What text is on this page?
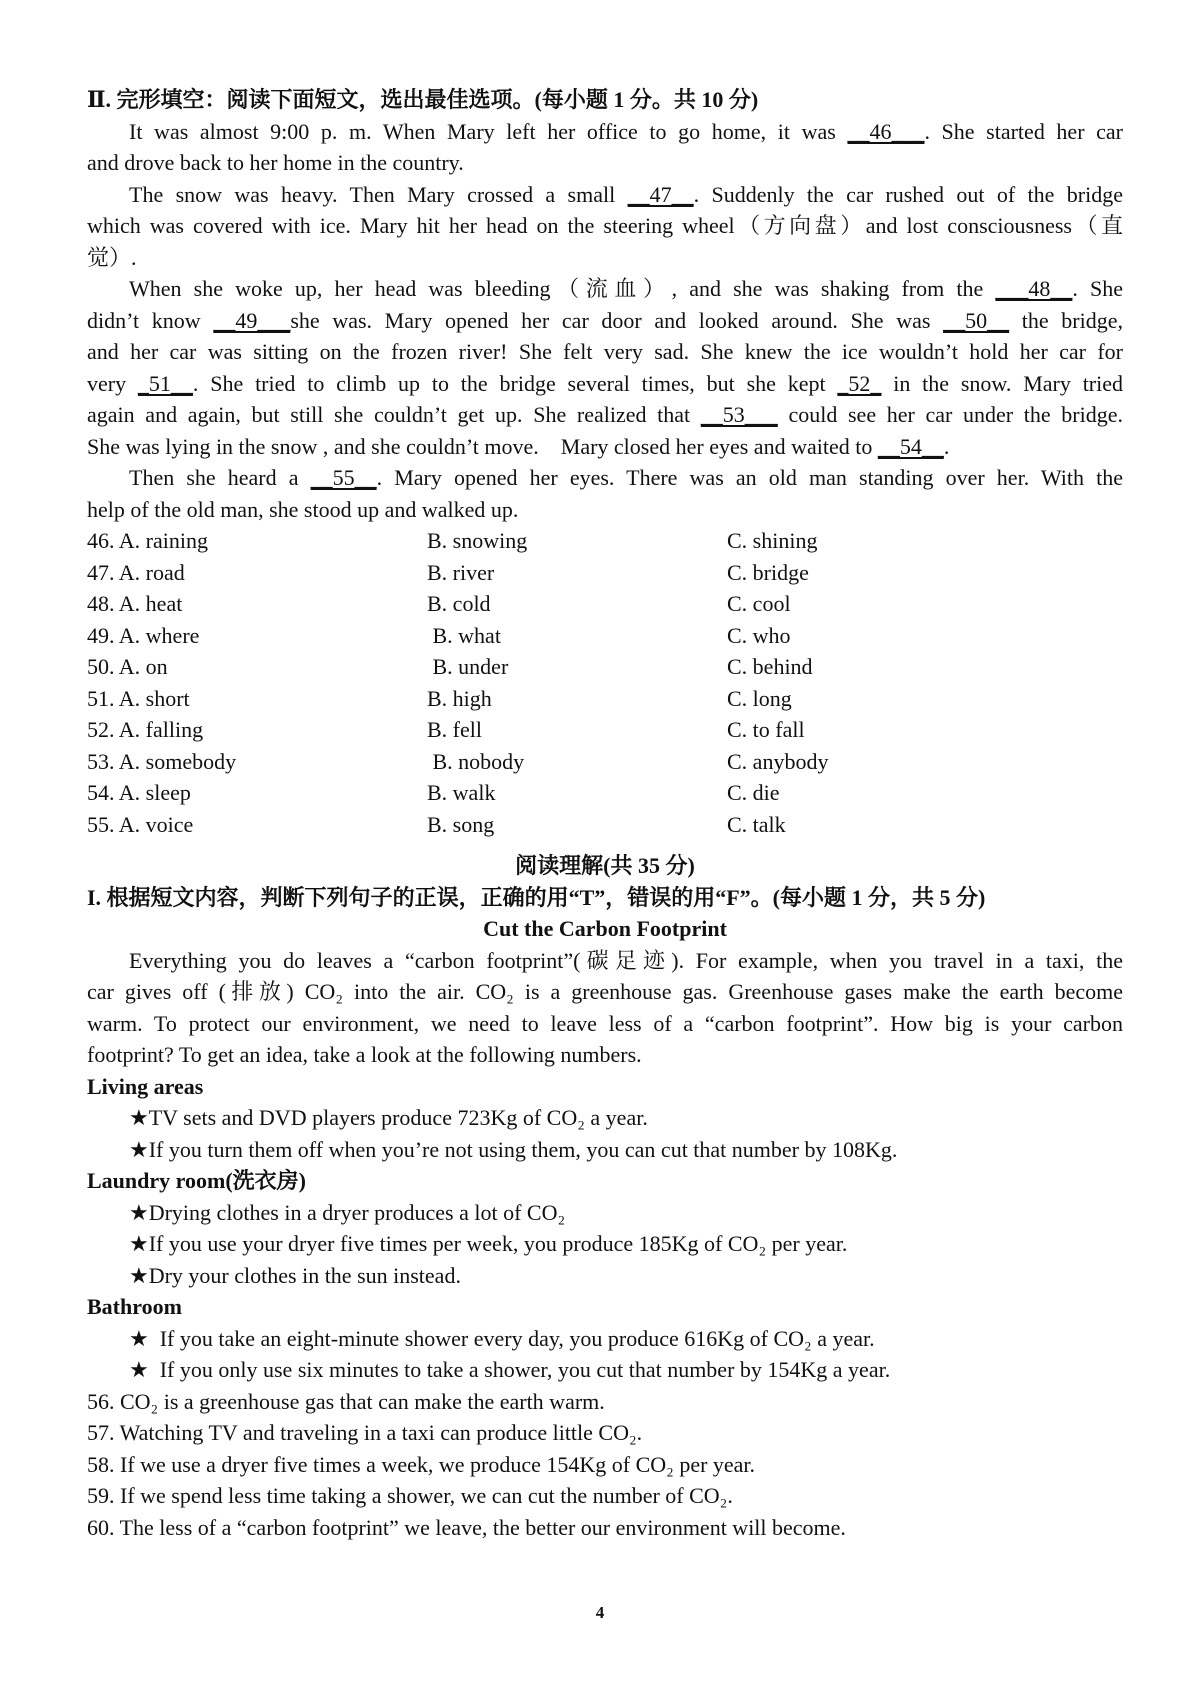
Ⅱ. 完形填空：阅读下面短文，选出最佳选项。(每小题 1 分。共 10 分)
It was almost 9:00 p. m. When Mary left her office to go home, it was __46___. She started her car
and drove back to her home in the country.
The snow was heavy. Then Mary crossed a small __47__. Suddenly the car rushed out of the bridge
which was covered with ice. Mary hit her head on the steering wheel（方向盘）and lost consciousness（直
觉）.
When she woke up, her head was bleeding（流血）, and she was shaking from the ___48__. She
didn’t know __49___she was. Mary opened her car door and looked around. She was __50__ the bridge,
and her car was sitting on the frozen river! She felt very sad. She knew the ice wouldn’t hold her car for
very _51__. She tried to climb up to the bridge several times, but she kept _52_ in the snow. Mary tried
again and again, but still she couldn’t get up. She realized that __53___ could see her car under the bridge.
She was lying in the snow , and she couldn’t move.    Mary closed her eyes and waited to __54__.
Then she heard a __55__. Mary opened her eyes. There was an old man standing over her. With the
help of the old man, she stood up and walked up.
46. A. raining	B. snowing	C. shining
47. A. road	B. river	C. bridge
48. A. heat	B. cold	C. cool
49. A. where	B. what	C. who
50. A. on	B. under	C. behind
51. A. short	B. high	C. long
52. A. falling	B. fell	C. to fall
53. A. somebody	B. nobody	C. anybody
54. A. sleep	B. walk	C. die
55. A. voice	B. song	C. talk
阅读理解(共 35 分)
I. 根据短文内容，判断下列句子的正误，正确的用“T”，错误的用“F”。(每小题 1 分，共 5 分)
Cut the Carbon Footprint
Everything you do leaves a “carbon footprint”(碳足迹). For example, when you travel in a taxi, the
car gives off (排放) CO₂ into the air. CO₂ is a greenhouse gas. Greenhouse gases make the earth become
warm. To protect our environment, we need to leave less of a “carbon footprint”. How big is your carbon
footprint? To get an idea, take a look at the following numbers.
Living areas
★TV sets and DVD players produce 723Kg of CO₂ a year.
★If you turn them off when you’re not using them, you can cut that number by 108Kg.
Laundry room(洗衣房)
★Drying clothes in a dryer produces a lot of CO₂
★If you use your dryer five times per week, you produce 185Kg of CO₂ per year.
★Dry your clothes in the sun instead.
Bathroom
★  If you take an eight-minute shower every day, you produce 616Kg of CO₂ a year.
★  If you only use six minutes to take a shower, you cut that number by 154Kg a year.
56. CO₂ is a greenhouse gas that can make the earth warm.
57. Watching TV and traveling in a taxi can produce little CO₂.
58. If we use a dryer five times a week, we produce 154Kg of CO₂ per year.
59. If we spend less time taking a shower, we can cut the number of CO₂.
60. The less of a “carbon footprint” we leave, the better our environment will become.
4
